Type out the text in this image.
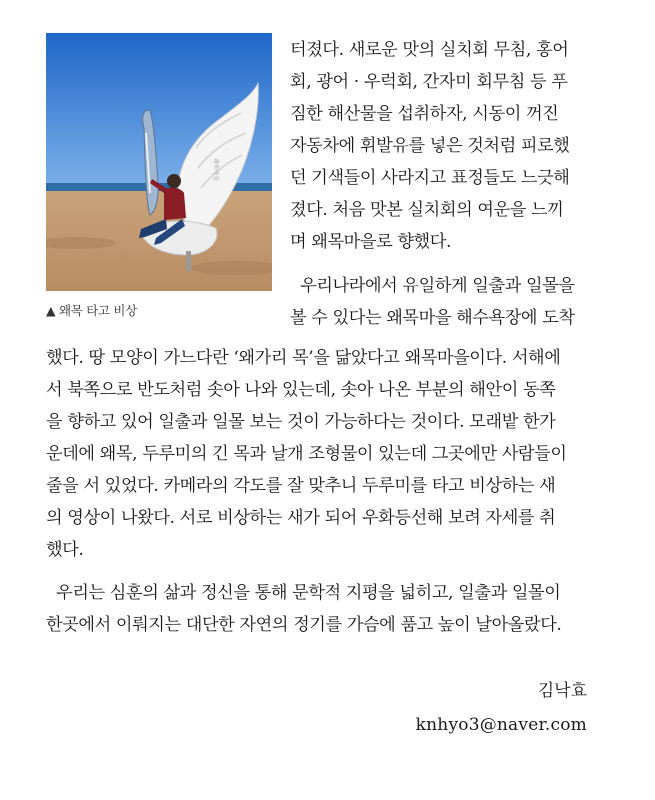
왜목마을
▲ 왜목 타고 비상
터졌다. 새로운 맛의 실치회 무침, 홍어
회, 광어 · 우럭회, 간자미 회무침 등 푸
짐한 해산물을 섭취하자, 시동이 꺼진
자동차에 휘발유를 넣은 것처럼 피로했
던 기색들이 사라지고 표정들도 느긋해
졌다. 처음 맛본 실치회의 여운을 느끼
며 왜목마을로 향했다.
우리나라에서 유일하게 일출과 일몰을
볼 수 있다는 왜목마을 해수욕장에 도착
했다. 땅 모양이 가느다란 ‘왜가리 목’을 닮았다고 왜목마을이다. 서해에
서 북쪽으로 반도처럼 솟아 나와 있는데, 솟아 나온 부분의 해안이 동쪽
을 향하고 있어 일출과 일몰 보는 것이 가능하다는 것이다. 모래밭 한가
운데에 왜목, 두루미의 긴 목과 날개 조형물이 있는데 그곳에만 사람들이
줄을 서 있었다. 카메라의 각도를 잘 맞추니 두루미를 타고 비상하는 새
의 영상이 나왔다. 서로 비상하는 새가 되어 우화등선해 보려 자세를 취
했다.
우리는 심훈의 삶과 정신을 통해 문학적 지평을 넓히고, 일출과 일몰이
한곳에서 이뤄지는 대단한 자연의 정기를 가슴에 품고 높이 날아올랐다.
김낙효
knhyo3@naver.com
